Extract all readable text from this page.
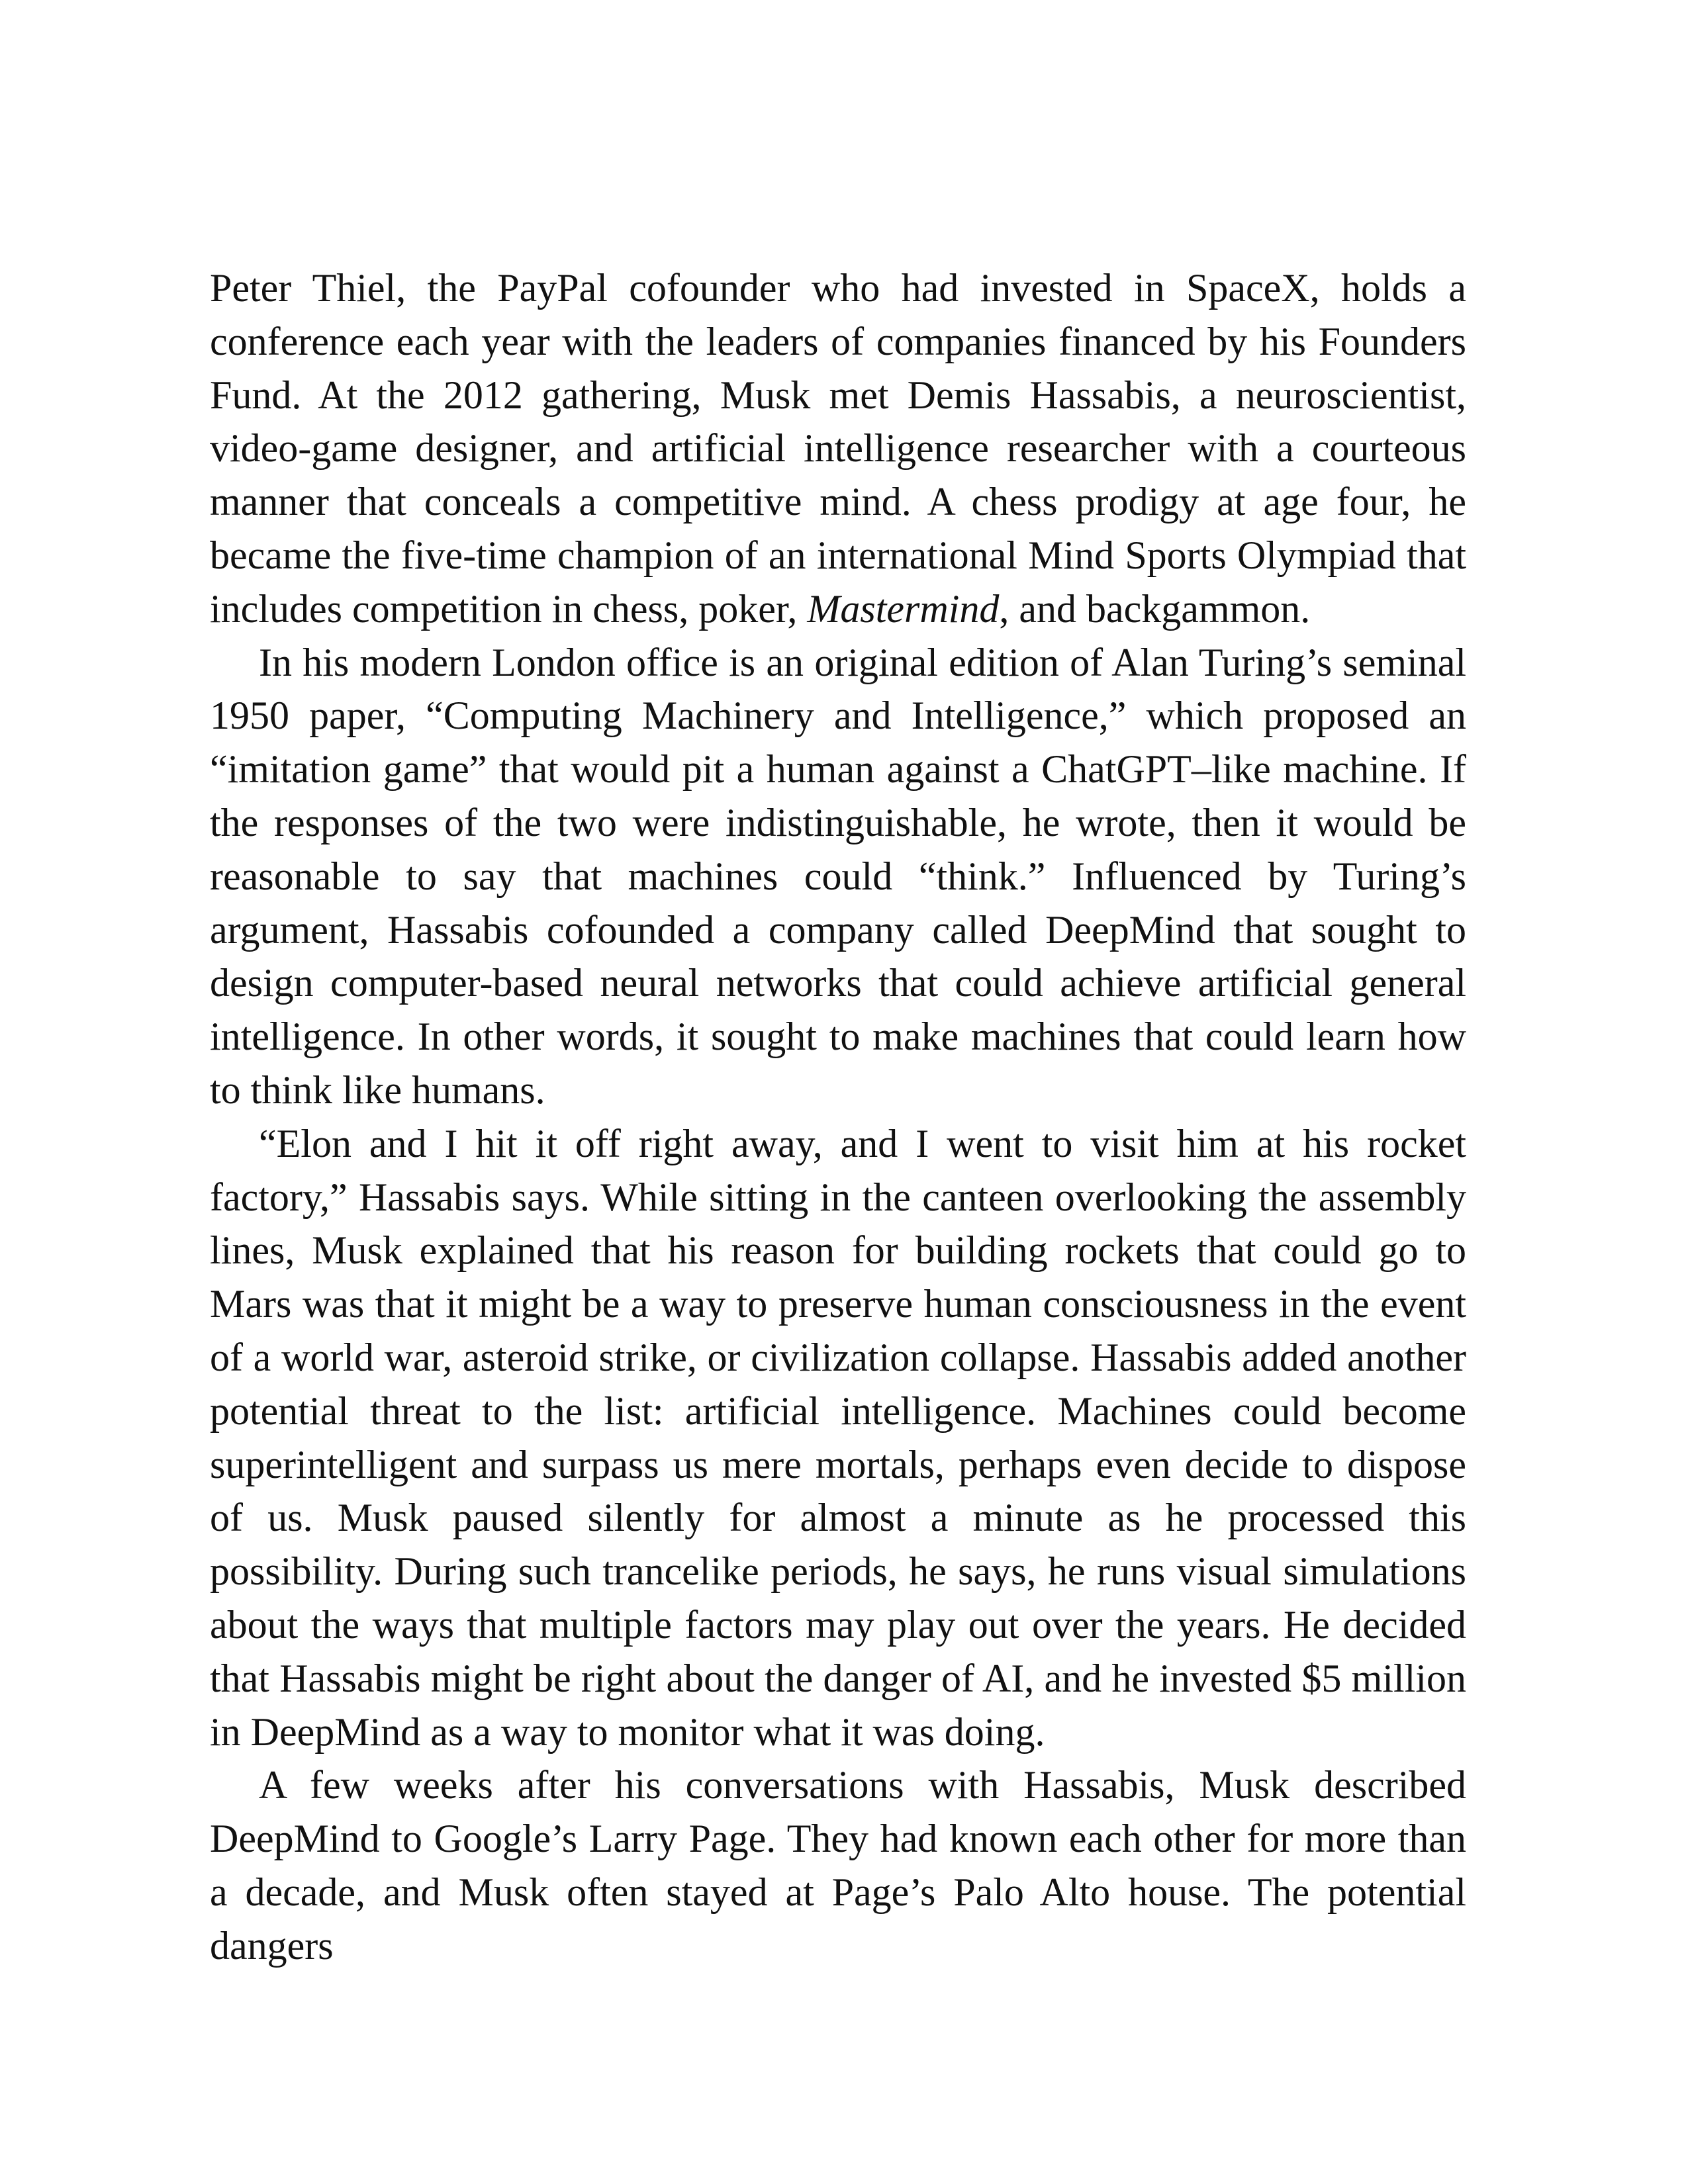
Peter Thiel, the PayPal cofounder who had invested in SpaceX, holds a conference each year with the leaders of companies financed by his Founders Fund. At the 2012 gathering, Musk met Demis Hassabis, a neuroscientist, video-game designer, and artificial intelligence researcher with a courteous manner that conceals a competitive mind. A chess prodigy at age four, he became the five-time champion of an international Mind Sports Olympiad that includes competition in chess, poker, Mastermind, and backgammon.

In his modern London office is an original edition of Alan Turing’s seminal 1950 paper, “Computing Machinery and Intelligence,” which proposed an “imitation game” that would pit a human against a ChatGPT–like machine. If the responses of the two were indistinguishable, he wrote, then it would be reasonable to say that machines could “think.” Influenced by Turing’s argument, Hassabis cofounded a company called DeepMind that sought to design computer-based neural networks that could achieve artificial general intelligence. In other words, it sought to make machines that could learn how to think like humans.

“Elon and I hit it off right away, and I went to visit him at his rocket factory,” Hassabis says. While sitting in the canteen overlooking the assembly lines, Musk explained that his reason for building rockets that could go to Mars was that it might be a way to preserve human consciousness in the event of a world war, asteroid strike, or civilization collapse. Hassabis added another potential threat to the list: artificial intelligence. Machines could become superintelligent and surpass us mere mortals, perhaps even decide to dispose of us. Musk paused silently for almost a minute as he processed this possibility. During such trancelike periods, he says, he runs visual simulations about the ways that multiple factors may play out over the years. He decided that Hassabis might be right about the danger of AI, and he invested $5 million in DeepMind as a way to monitor what it was doing.

A few weeks after his conversations with Hassabis, Musk described DeepMind to Google’s Larry Page. They had known each other for more than a decade, and Musk often stayed at Page’s Palo Alto house. The potential dangers
